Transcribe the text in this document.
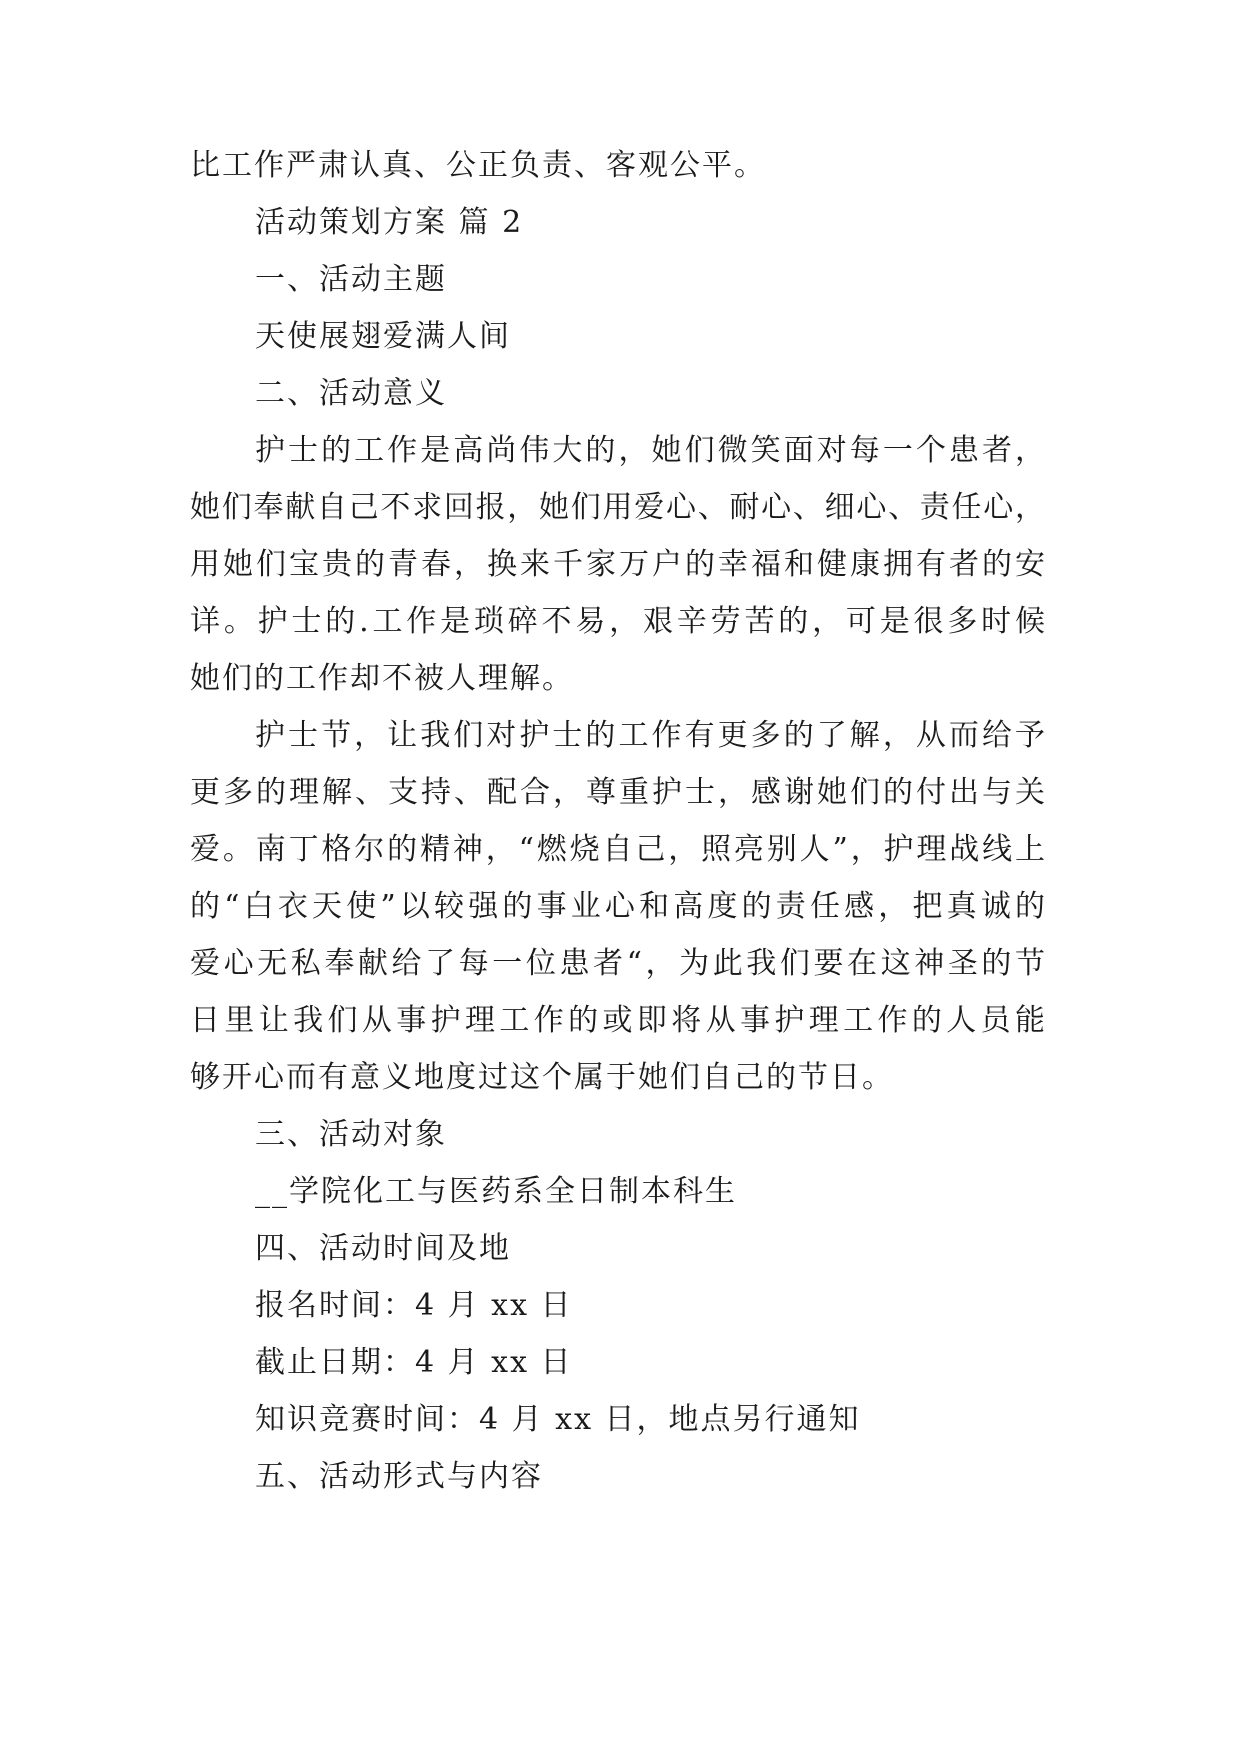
比工作严肃认真、公正负责、客观公平。
活动策划方案 篇 2
一、活动主题
天使展翅爱满人间
二、活动意义
护士的工作是高尚伟大的，她们微笑面对每一个患者，
她们奉献自己不求回报，她们用爱心、耐心、细心、责任心，
用她们宝贵的青春，换来千家万户的幸福和健康拥有者的安
详。护士的.工作是琐碎不易，艰辛劳苦的，可是很多时候
她们的工作却不被人理解。
护士节，让我们对护士的工作有更多的了解，从而给予
更多的理解、支持、配合，尊重护士，感谢她们的付出与关
爱。南丁格尔的精神，“燃烧自己，照亮别人”，护理战线上
的“白衣天使”以较强的事业心和高度的责任感，把真诚的
爱心无私奉献给了每一位患者“，为此我们要在这神圣的节
日里让我们从事护理工作的或即将从事护理工作的人员能
够开心而有意义地度过这个属于她们自己的节日。
三、活动对象
__学院化工与医药系全日制本科生
四、活动时间及地
报名时间：4 月 xx 日
截止日期：4 月 xx 日
知识竞赛时间：4 月 xx 日，地点另行通知
五、活动形式与内容
